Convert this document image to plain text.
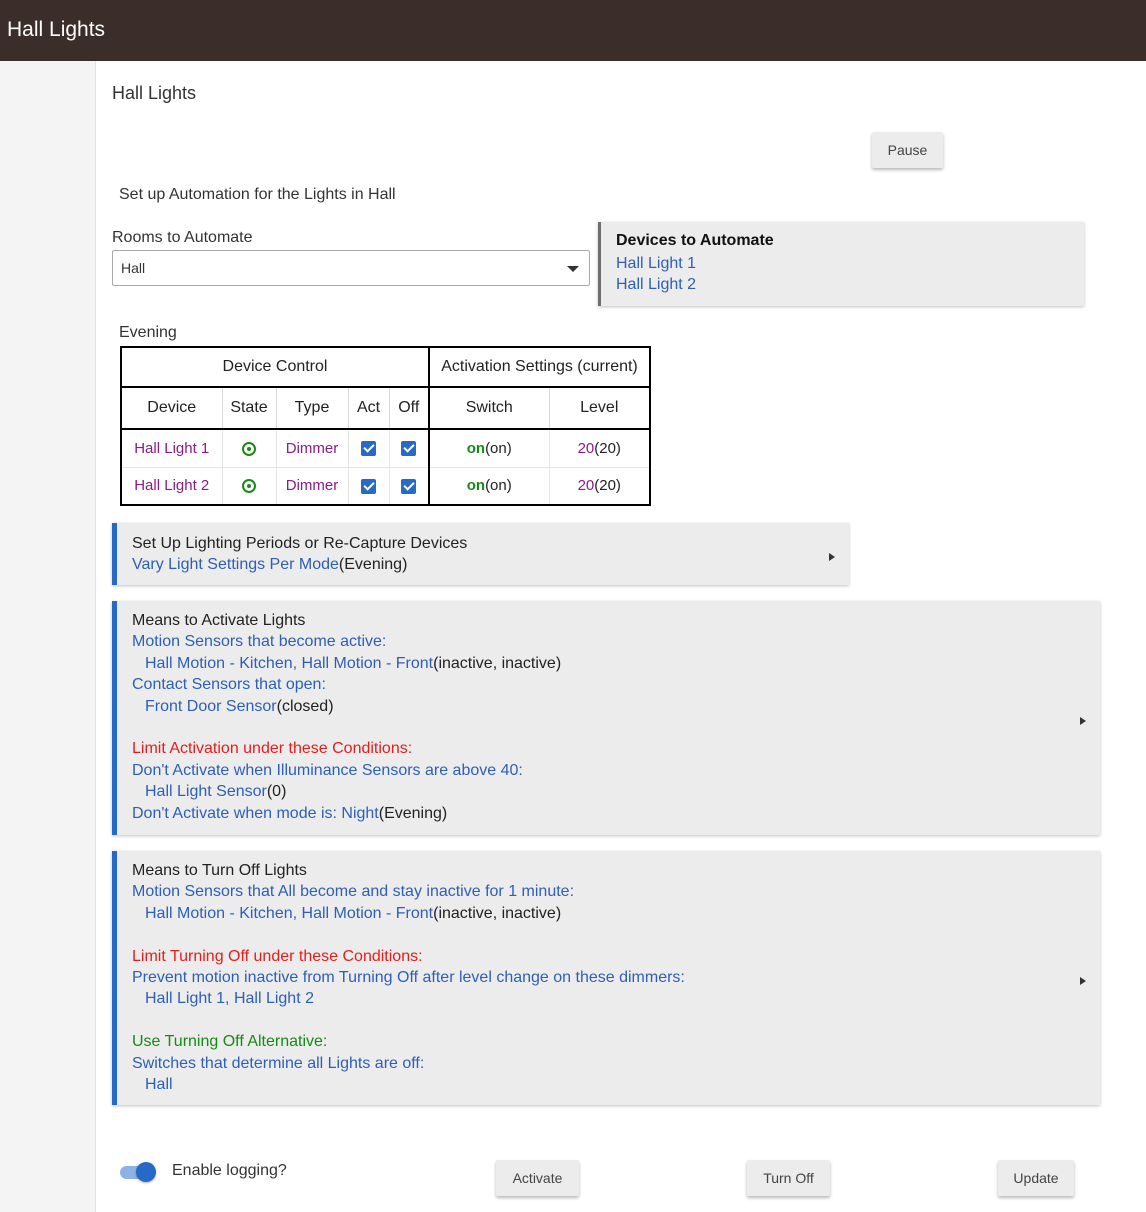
Hall Lights
Hall Lights
Pause
Set up Automation for the Lights in Hall
Rooms to Automate
Hall
Devices to Automate
Hall Light 1
Hall Light 2
Evening
Device Control					Activation Settings (current)	
Device	State	Type	Act	Off	Switch	Level
Hall Light 1		Dimmer			on(on)	20(20)
Hall Light 2		Dimmer			on(on)	20(20)
Set Up Lighting Periods or Re-Capture Devices
Vary Light Settings Per Mode(Evening)
Means to Activate Lights
Motion Sensors that become active:
Hall Motion - Kitchen, Hall Motion - Front(inactive, inactive)
Contact Sensors that open:
Front Door Sensor(closed)
Limit Activation under these Conditions:
Don't Activate when Illuminance Sensors are above 40:
Hall Light Sensor(0)
Don't Activate when mode is: Night(Evening)
Means to Turn Off Lights
Motion Sensors that All become and stay inactive for 1 minute:
Hall Motion - Kitchen, Hall Motion - Front(inactive, inactive)
Limit Turning Off under these Conditions:
Prevent motion inactive from Turning Off after level change on these dimmers:
Hall Light 1, Hall Light 2
Use Turning Off Alternative:
Switches that determine all Lights are off:
Hall
Enable logging?	Activate	Turn Off	Update
